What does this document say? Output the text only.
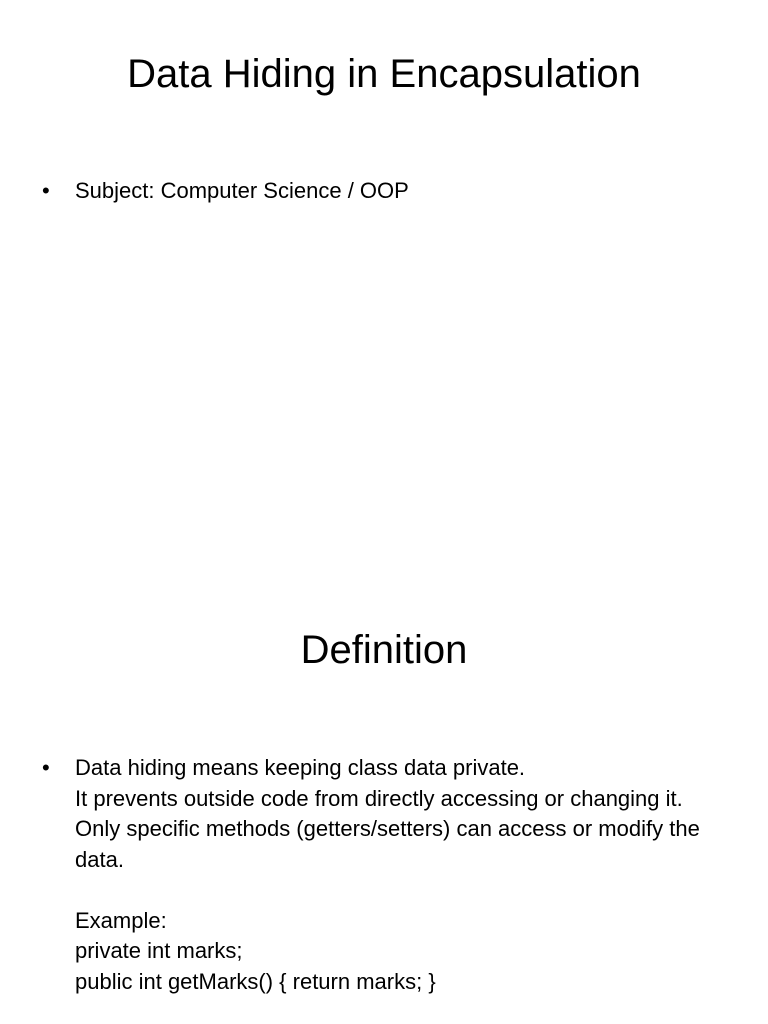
Data Hiding in Encapsulation
• Subject: Computer Science / OOP
Definition
• Data hiding means keeping class data private.
It prevents outside code from directly accessing or changing it.
Only specific methods (getters/setters) can access or modify the data.
Example:
private int marks;
public int getMarks() { return marks; }
